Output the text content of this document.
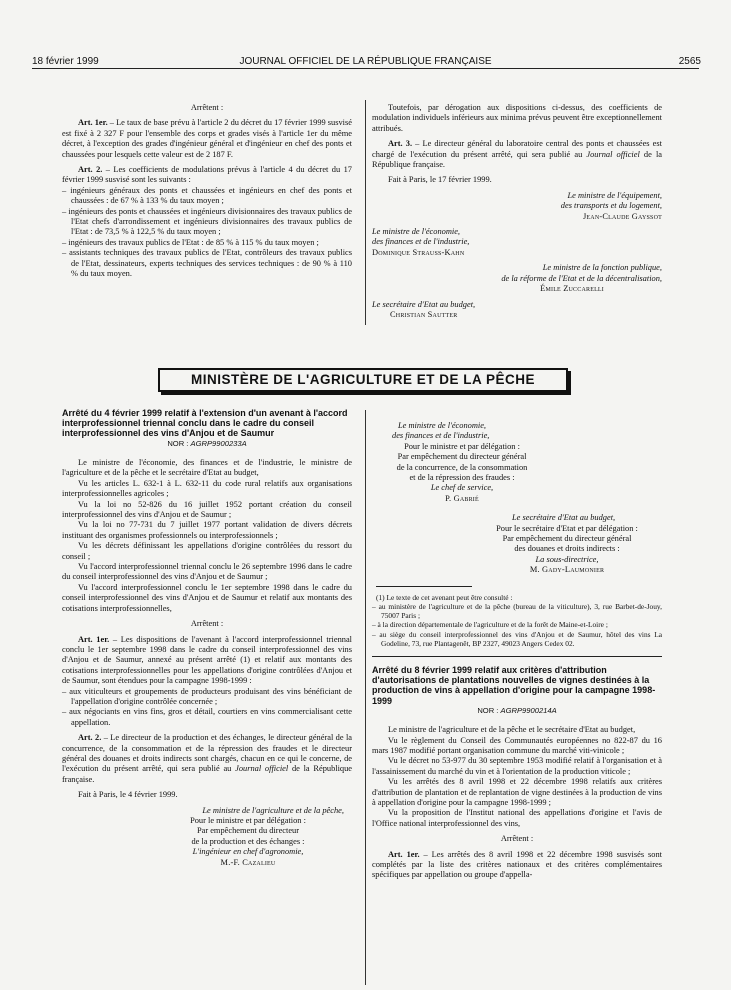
18 février 1999	JOURNAL OFFICIEL DE LA RÉPUBLIQUE FRANÇAISE	2565

Arrêtent :

Art. 1er. – Le taux de base prévu à l'article 2 du décret du 17 février 1999 susvisé est fixé à 2 327 F pour l'ensemble des corps et grades visés à l'article 1er du même décret, à l'exception des grades d'ingénieur général et d'ingénieur en chef des ponts et chaussées pour lesquels cette valeur est de 2 187 F.

Art. 2. – Les coefficients de modulations prévus à l'article 4 du décret du 17 février 1999 susvisé sont les suivants :

– ingénieurs généraux des ponts et chaussées et ingénieurs en chef des ponts et chaussées : de 67 % à 133 % du taux moyen ;
– ingénieurs des ponts et chaussées et ingénieurs divisionnaires des travaux publics de l'Etat chefs d'arrondissement et ingénieurs divisionnaires des travaux publics de l'Etat : de 73,5 % à 122,5 % du taux moyen ;
– ingénieurs des travaux publics de l'Etat : de 85 % à 115 % du taux moyen ;
– assistants techniques des travaux publics de l'Etat, contrôleurs des travaux publics de l'Etat, dessinateurs, experts techniques des services techniques : de 90 % à 110 % du taux moyen.

Toutefois, par dérogation aux dispositions ci-dessus, des coefficients de modulation individuels inférieurs aux minima prévus peuvent être exceptionnellement attribués.

Art. 3. – Le directeur général du laboratoire central des ponts et chaussées est chargé de l'exécution du présent arrêté, qui sera publié au Journal officiel de la République française.

Fait à Paris, le 17 février 1999.

Le ministre de l'équipement,

des transports et du logement,

Jean-Claude Gayssot

Le ministre de l'économie,

des finances et de l'industrie,

Dominique Strauss-Kahn

Le ministre de la fonction publique,

de la réforme de l'Etat et de la décentralisation,

Émile Zuccarelli

Le secrétaire d'Etat au budget,

Christian Sautter

MINISTÈRE DE L'AGRICULTURE ET DE LA PÊCHE

Arrêté du 4 février 1999 relatif à l'extension d'un avenant à l'accord interprofessionnel triennal conclu dans le cadre du conseil interprofessionnel des vins d'Anjou et de Saumur

NOR : AGRP9900233A

Le ministre de l'économie, des finances et de l'industrie, le ministre de l'agriculture et de la pêche et le secrétaire d'Etat au budget,

Vu les articles L. 632-1 à L. 632-11 du code rural relatifs aux organisations interprofessionnelles agricoles ;

Vu la loi no 52-826 du 16 juillet 1952 portant création du conseil interprofessionnel des vins d'Anjou et de Saumur ;

Vu la loi no 77-731 du 7 juillet 1977 portant validation de divers décrets instituant des organismes professionnels ou interprofessionnels ;

Vu les décrets définissant les appellations d'origine contrôlées du ressort du conseil ;

Vu l'accord interprofessionnel triennal conclu le 26 septembre 1996 dans le cadre du conseil interprofessionnel des vins d'Anjou et de Saumur ;

Vu l'accord interprofessionnel conclu le 1er septembre 1998 dans le cadre du conseil interprofessionnel des vins d'Anjou et de Saumur et relatif aux montants des cotisations interprofessionnelles,

Arrêtent :

Art. 1er. – Les dispositions de l'avenant à l'accord interprofessionnel triennal conclu le 1er septembre 1998 dans le cadre du conseil interprofessionnel des vins d'Anjou et de Saumur, annexé au présent arrêté (1) et relatif aux montants des cotisations interprofessionnelles pour les appellations d'origine contrôlées d'Anjou et de Saumur, sont étendues pour la campagne 1998-1999 :

– aux viticulteurs et groupements de producteurs produisant des vins bénéficiant de l'appellation d'origine contrôlée concernée ;
– aux négociants en vins fins, gros et détail, courtiers en vins commercialisant cette appellation.

Art. 2. – Le directeur de la production et des échanges, le directeur général de la concurrence, de la consommation et de la répression des fraudes et le directeur général des douanes et droits indirects sont chargés, chacun en ce qui le concerne, de l'exécution du présent arrêté, qui sera publié au Journal officiel de la République française.

Fait à Paris, le 4 février 1999.

Le ministre de l'agriculture et de la pêche,

Pour le ministre et par délégation :

Par empêchement du directeur

de la production et des échanges :

L'ingénieur en chef d'agronomie,

M.-F. Cazalieu

Le ministre de l'économie,

des finances et de l'industrie,

Pour le ministre et par délégation :

Par empêchement du directeur général

de la concurrence, de la consommation

et de la répression des fraudes :

Le chef de service,

P. Gabrié

Le secrétaire d'Etat au budget,

Pour le secrétaire d'Etat et par délégation :

Par empêchement du directeur général

des douanes et droits indirects :

La sous-directrice,

M. Gady-Laumonier

(1) Le texte de cet avenant peut être consulté :

– au ministère de l'agriculture et de la pêche (bureau de la viticulture), 3, rue Barbet-de-Jouy, 75007 Paris ;
– à la direction départementale de l'agriculture et de la forêt de Maine-et-Loire ;
– au siège du conseil interprofessionnel des vins d'Anjou et de Saumur, hôtel des vins La Godeline, 73, rue Plantagenêt, BP 2327, 49023 Angers Cedex 02.

Arrêté du 8 février 1999 relatif aux critères d'attribution d'autorisations de plantations nouvelles de vignes destinées à la production de vins à appellation d'origine pour la campagne 1998-1999

NOR : AGRP9900214A

Le ministre de l'agriculture et de la pêche et le secrétaire d'Etat au budget,

Vu le règlement du Conseil des Communautés européennes no 822-87 du 16 mars 1987 modifié portant organisation commune du marché viti-vinicole ;

Vu le décret no 53-977 du 30 septembre 1953 modifié relatif à l'organisation et à l'assainissement du marché du vin et à l'orientation de la production viticole ;

Vu les arrêtés des 8 avril 1998 et 22 décembre 1998 relatifs aux critères d'attribution de plantation et de replantation de vigne destinées à la production de vins à appellation d'origine pour la campagne 1998-1999 ;

Vu la proposition de l'Institut national des appellations d'origine et l'avis de l'Office national interprofessionnel des vins,

Arrêtent :

Art. 1er. – Les arrêtés des 8 avril 1998 et 22 décembre 1998 susvisés sont complétés par la liste des critères nationaux et des critères complémentaires spécifiques par appellation ou groupe d'appella-
